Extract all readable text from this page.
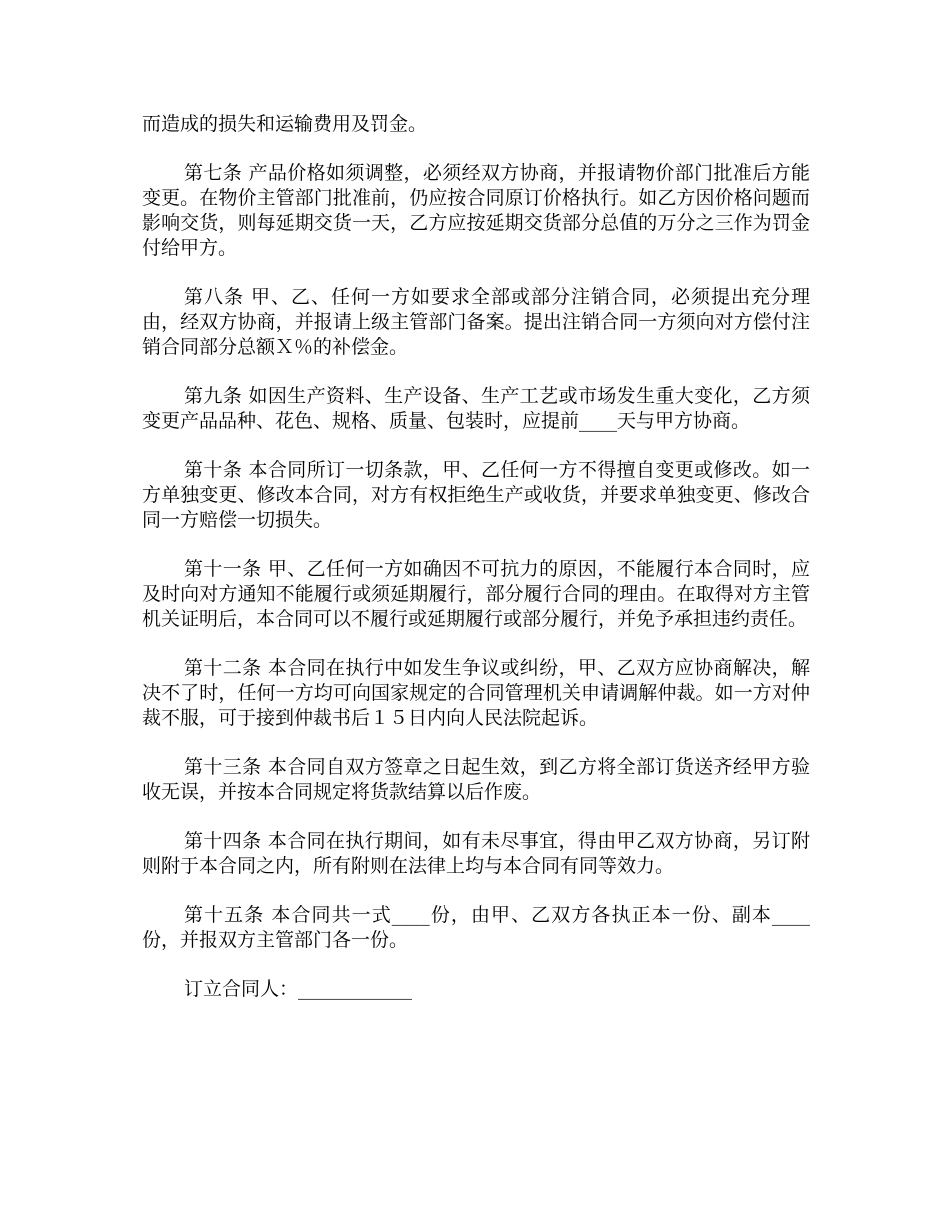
而造成的损失和运输费用及罚金。

第七条 产品价格如须调整，必须经双方协商，并报请物价部门批准后方能变更。在物价主管部门批准前，仍应按合同原订价格执行。如乙方因价格问题而影响交货，则每延期交货一天，乙方应按延期交货部分总值的万分之三作为罚金付给甲方。

第八条 甲、乙、任何一方如要求全部或部分注销合同，必须提出充分理由，经双方协商，并报请上级主管部门备案。提出注销合同一方须向对方偿付注销合同部分总额Ｘ％的补偿金。

第九条 如因生产资料、生产设备、生产工艺或市场发生重大变化，乙方须变更产品品种、花色、规格、质量、包装时，应提前____天与甲方协商。

第十条 本合同所订一切条款，甲、乙任何一方不得擅自变更或修改。如一方单独变更、修改本合同，对方有权拒绝生产或收货，并要求单独变更、修改合同一方赔偿一切损失。

第十一条 甲、乙任何一方如确因不可抗力的原因，不能履行本合同时，应及时向对方通知不能履行或须延期履行，部分履行合同的理由。在取得对方主管机关证明后，本合同可以不履行或延期履行或部分履行，并免予承担违约责任。

第十二条 本合同在执行中如发生争议或纠纷，甲、乙双方应协商解决，解决不了时，任何一方均可向国家规定的合同管理机关申请调解仲裁。如一方对仲裁不服，可于接到仲裁书后１５日内向人民法院起诉。

第十三条 本合同自双方签章之日起生效，到乙方将全部订货送齐经甲方验收无误，并按本合同规定将货款结算以后作废。

第十四条 本合同在执行期间，如有未尽事宜，得由甲乙双方协商，另订附则附于本合同之内，所有附则在法律上均与本合同有同等效力。

第十五条 本合同共一式____份，由甲、乙双方各执正本一份、副本____份，并报双方主管部门各一份。

订立合同人：____________
